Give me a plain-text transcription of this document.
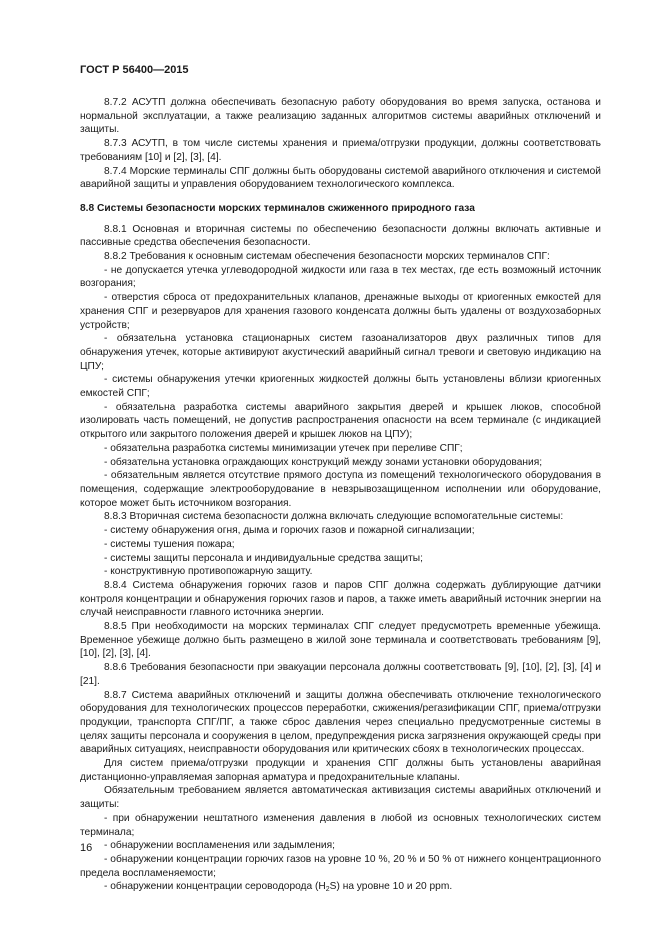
ГОСТ Р 56400—2015

8.7.2 АСУТП должна обеспечивать безопасную работу оборудования во время запуска, останова и нормальной эксплуатации, а также реализацию заданных алгоритмов системы аварийных отключений и защиты.

8.7.3 АСУТП, в том числе системы хранения и приема/отгрузки продукции, должны соответствовать требованиям [10] и [2], [3], [4].

8.7.4 Морские терминалы СПГ должны быть оборудованы системой аварийного отключения и системой аварийной защиты и управления оборудованием технологического комплекса.

8.8 Системы безопасности морских терминалов сжиженного природного газа

8.8.1 Основная и вторичная системы по обеспечению безопасности должны включать активные и пассивные средства обеспечения безопасности.

8.8.2 Требования к основным системам обеспечения безопасности морских терминалов СПГ:

- не допускается утечка углеводородной жидкости или газа в тех местах, где есть возможный источник возгорания;

- отверстия сброса от предохранительных клапанов, дренажные выходы от криогенных емкостей для хранения СПГ и резервуаров для хранения газового конденсата должны быть удалены от воздухозаборных устройств;

- обязательна установка стационарных систем газоанализаторов двух различных типов для обнаружения утечек, которые активируют акустический аварийный сигнал тревоги и световую индикацию на ЦПУ;

- системы обнаружения утечки криогенных жидкостей должны быть установлены вблизи криогенных емкостей СПГ;

- обязательна разработка системы аварийного закрытия дверей и крышек люков, способной изолировать часть помещений, не допустив распространения опасности на всем терминале (с индикацией открытого или закрытого положения дверей и крышек люков на ЦПУ);

- обязательна разработка системы минимизации утечек при переливе СПГ;

- обязательна установка ограждающих конструкций между зонами установки оборудования;

- обязательным является отсутствие прямого доступа из помещений технологического оборудования в помещения, содержащие электрооборудование в невзрывозащищенном исполнении или оборудование, которое может быть источником возгорания.

8.8.3 Вторичная система безопасности должна включать следующие вспомогательные системы:

- систему обнаружения огня, дыма и горючих газов и пожарной сигнализации;

- системы тушения пожара;

- системы защиты персонала и индивидуальные средства защиты;

- конструктивную противопожарную защиту.

8.8.4 Система обнаружения горючих газов и паров СПГ должна содержать дублирующие датчики контроля концентрации и обнаружения горючих газов и паров, а также иметь аварийный источник энергии на случай неисправности главного источника энергии.

8.8.5 При необходимости на морских терминалах СПГ следует предусмотреть временные убежища. Временное убежище должно быть размещено в жилой зоне терминала и соответствовать требованиям [9], [10], [2], [3], [4].

8.8.6 Требования безопасности при эвакуации персонала должны соответствовать [9], [10], [2], [3], [4] и [21].

8.8.7 Система аварийных отключений и защиты должна обеспечивать отключение технологического оборудования для технологических процессов переработки, сжижения/регазификации СПГ, приема/отгрузки продукции, транспорта СПГ/ПГ, а также сброс давления через специально предусмотренные системы в целях защиты персонала и сооружения в целом, предупреждения риска загрязнения окружающей среды при аварийных ситуациях, неисправности оборудования или критических сбоях в технологических процессах.

Для систем приема/отгрузки продукции и хранения СПГ должны быть установлены аварийная дистанционно-управляемая запорная арматура и предохранительные клапаны.

Обязательным требованием является автоматическая активизация системы аварийных отключений и защиты:

- при обнаружении нештатного изменения давления в любой из основных технологических систем терминала;

- обнаружении воспламенения или задымления;

- обнаружении концентрации горючих газов на уровне 10 %, 20 % и 50 % от нижнего концентрационного предела воспламеняемости;

- обнаружении концентрации сероводорода $(H_2S)$ на уровне 10 и 20 ppm.

16
